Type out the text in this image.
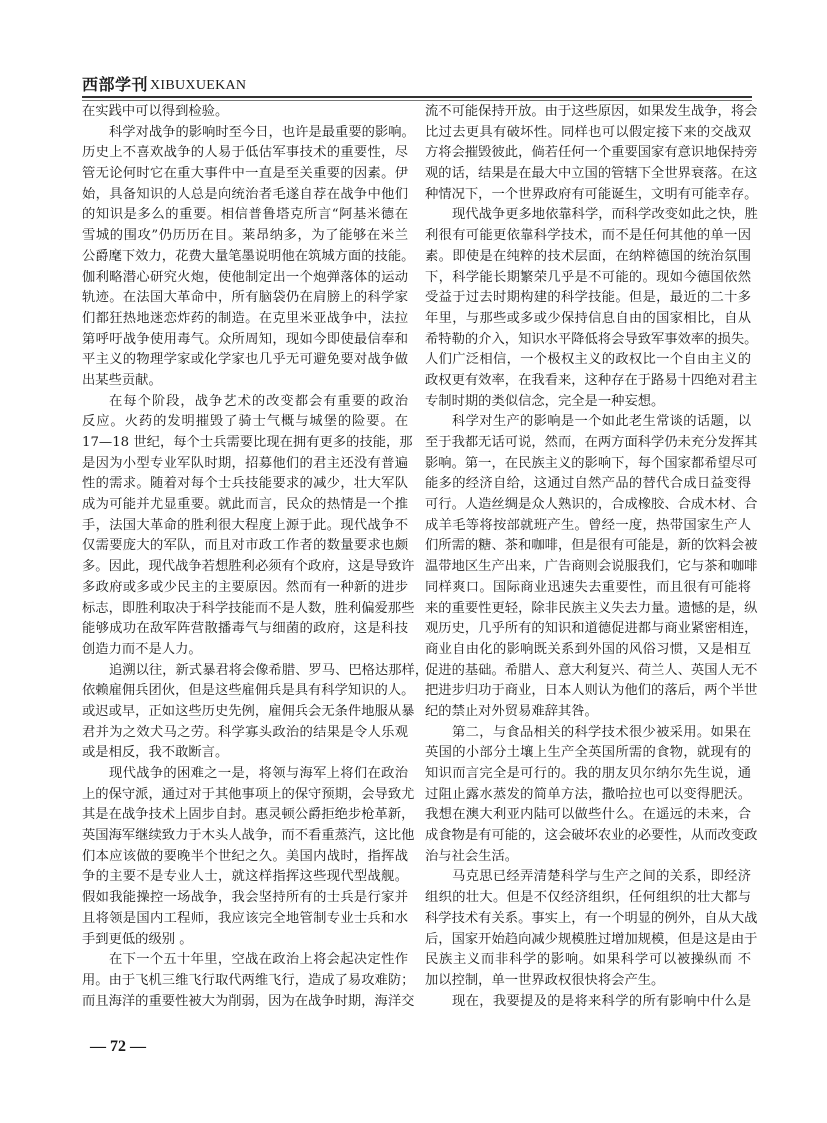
西部学刊 XIBUXUEKAN
在实践中可以得到检验。
科学对战争的影响时至今日，也许是最重要的影响。
历史上不喜欢战争的人易于低估军事技术的重要性，尽
管无论何时它在重大事件中一直是至关重要的因素。伊
始，具备知识的人总是向统治者毛遂自荐在战争中他们
的知识是多么的重要。相信普鲁塔克所言“阿基米德在
雪城的围攻”仍历历在目。莱昂纳多，为了能够在米兰
公爵麾下效力，花费大量笔墨说明他在筑城方面的技能。
伽利略潜心研究火炮，使他制定出一个炮弹落体的运动
轨迹。在法国大革命中，所有脑袋仍在肩膀上的科学家
们都狂热地迷恋炸药的制造。在克里米亚战争中，法拉
第呼吁战争使用毒气。众所周知，现如今即使最信奉和
平主义的物理学家或化学家也几乎无可避免要对战争做
出某些贡献。
在每个阶段，战争艺术的改变都会有重要的政治
反应。火药的发明摧毁了骑士气概与城堡的险要。在
17—18 世纪，每个士兵需要比现在拥有更多的技能，那
是因为小型专业军队时期，招募他们的君主还没有普遍
性的需求。随着对每个士兵技能要求的减少，壮大军队
成为可能并尤显重要。就此而言，民众的热情是一个推
手，法国大革命的胜利很大程度上源于此。现代战争不
仅需要庞大的军队，而且对市政工作者的数量要求也颇
多。因此，现代战争若想胜利必须有个政府，这是导致许
多政府或多或少民主的主要原因。然而有一种新的进步
标志，即胜利取决于科学技能而不是人数，胜利偏爱那些
能够成功在敌军阵营散播毒气与细菌的政府，这是科技
创造力而不是人力。
追溯以往，新式暴君将会像希腊、罗马、巴格达那样，
依赖雇佣兵团伙，但是这些雇佣兵是具有科学知识的人。
或迟或早，正如这些历史先例，雇佣兵会无条件地服从暴
君并为之效犬马之劳。科学寡头政治的结果是令人乐观
或是相反，我不敢断言。
现代战争的困难之一是，将领与海军上将们在政治
上的保守派，通过对于其他事项上的保守预期，会导致尤
其是在战争技术上固步自封。惠灵顿公爵拒绝步枪革新，
英国海军继续致力于木头人战争，而不看重蒸汽，这比他
们本应该做的要晚半个世纪之久。美国内战时，指挥战
争的主要不是专业人士，就这样指挥这些现代型战舰。
假如我能操控一场战争，我会坚持所有的士兵是行家并
且将领是国内工程师，我应该完全地管制专业士兵和水
手到更低的级别 。
在下一个五十年里，空战在政治上将会起决定性作
用。由于飞机三维飞行取代两维飞行，造成了易攻难防；
而且海洋的重要性被大为削弱，因为在战争时期，海洋交
流不可能保持开放。由于这些原因，如果发生战争，将会
比过去更具有破坏性。同样也可以假定接下来的交战双
方将会摧毁彼此，倘若任何一个重要国家有意识地保持旁
观的话，结果是在最大中立国的管辖下全世界衰落。在这
种情况下，一个世界政府有可能诞生，文明有可能幸存。
现代战争更多地依靠科学，而科学改变如此之快，胜
利很有可能更依靠科学技术，而不是任何其他的单一因
素。即使是在纯粹的技术层面，在纳粹德国的统治氛围
下，科学能长期繁荣几乎是不可能的。现如今德国依然
受益于过去时期构建的科学技能。但是，最近的二十多
年里，与那些或多或少保持信息自由的国家相比，自从
希特勒的介入，知识水平降低将会导致军事效率的损失。
人们广泛相信，一个极权主义的政权比一个自由主义的
政权更有效率，在我看来，这种存在于路易十四绝对君主
专制时期的类似信念，完全是一种妄想。
科学对生产的影响是一个如此老生常谈的话题，以
至于我都无话可说，然而，在两方面科学仍未充分发挥其
影响。第一，在民族主义的影响下，每个国家都希望尽可
能多的经济自给，这通过自然产品的替代合成日益变得
可行。人造丝绸是众人熟识的，合成橡胶、合成木材、合
成羊毛等将按部就班产生。曾经一度，热带国家生产人
们所需的糖、茶和咖啡，但是很有可能是，新的饮料会被
温带地区生产出来，广告商则会说服我们，它与茶和咖啡
同样爽口。国际商业迅速失去重要性，而且很有可能将
来的重要性更轻，除非民族主义失去力量。遗憾的是，纵
观历史，几乎所有的知识和道德促进都与商业紧密相连，
商业自由化的影响既关系到外国的风俗习惯，又是相互
促进的基础。希腊人、意大利复兴、荷兰人、英国人无不
把进步归功于商业，日本人则认为他们的落后，两个半世
纪的禁止对外贸易难辞其咎。
第二，与食品相关的科学技术很少被采用。如果在
英国的小部分土壤上生产全英国所需的食物，就现有的
知识而言完全是可行的。我的朋友贝尔纳尔先生说，通
过阻止露水蒸发的简单方法，撒哈拉也可以变得肥沃。
我想在澳大利亚内陆可以做些什么。在遥远的未来，合
成食物是有可能的，这会破坏农业的必要性，从而改变政
治与社会生活。
马克思已经弄清楚科学与生产之间的关系，即经济
组织的壮大。但是不仅经济组织，任何组织的壮大都与
科学技术有关系。事实上，有一个明显的例外，自从大战
后，国家开始趋向减少规模胜过增加规模，但是这是由于
民族主义而非科学的影响。如果科学可以被操纵而 不
加以控制，单一世界政权很快将会产生。
现在，我要提及的是将来科学的所有影响中什么是
— 72 —
